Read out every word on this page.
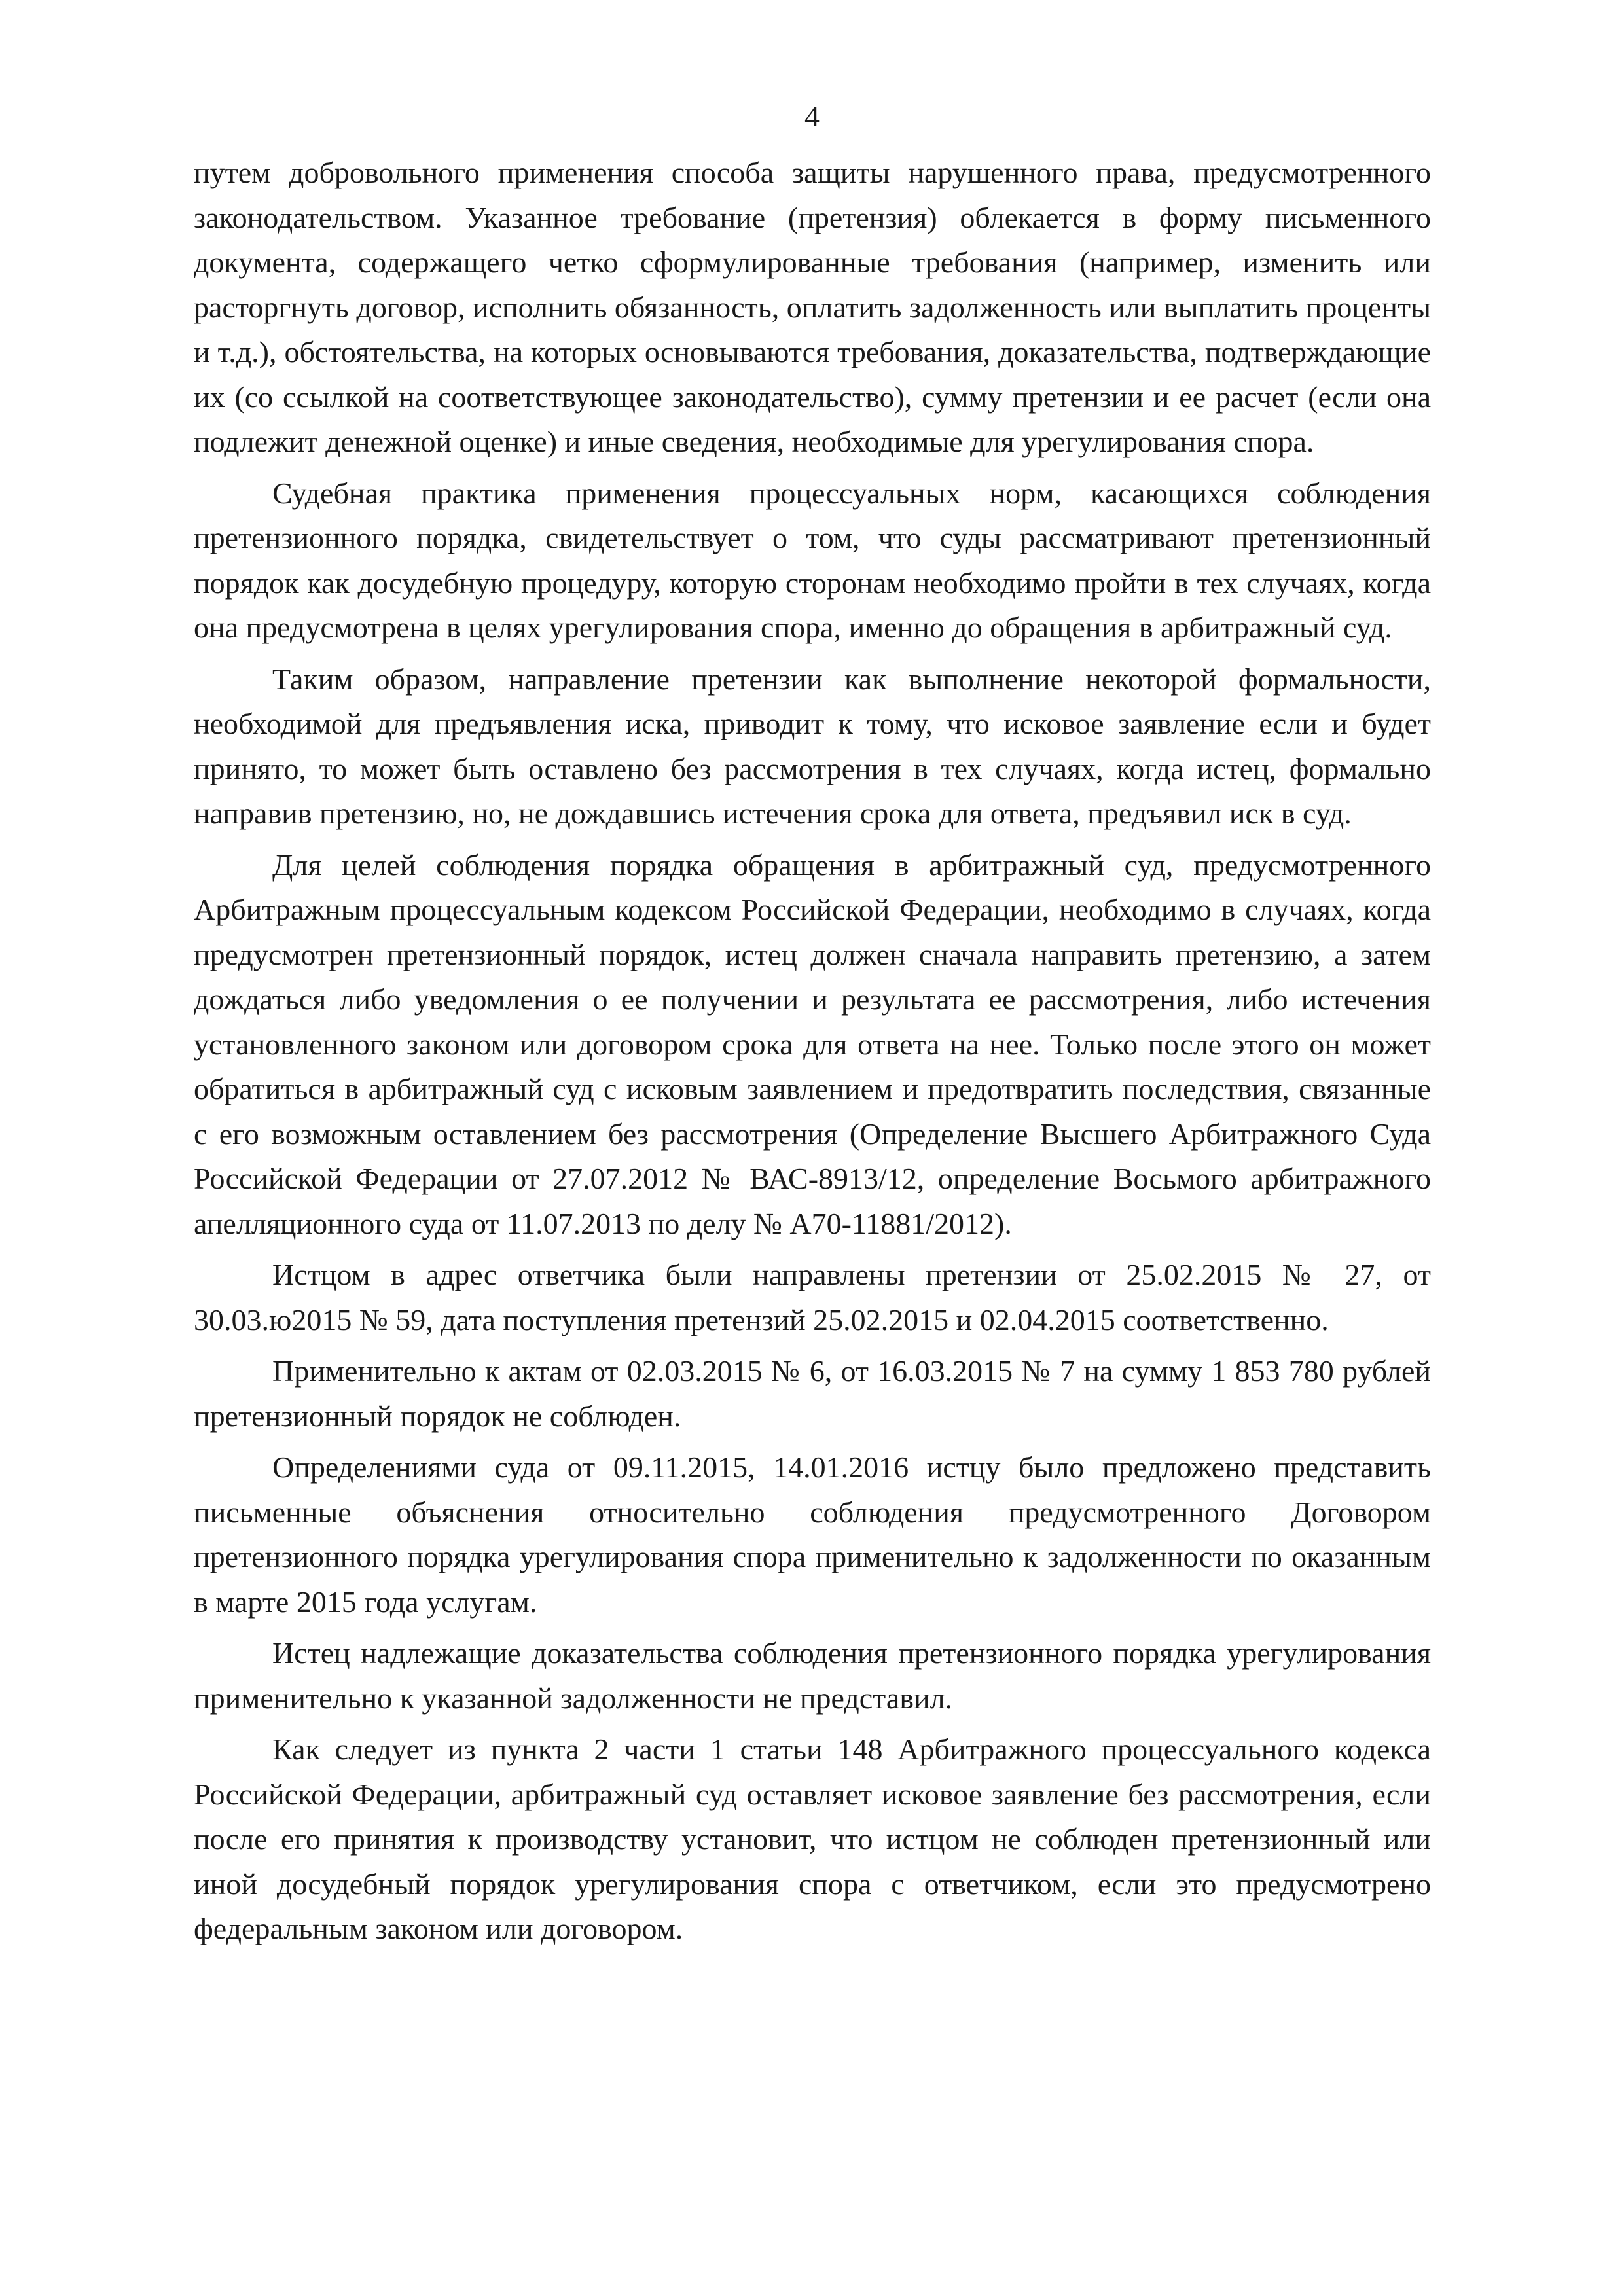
4

путем добровольного применения способа защиты нарушенного права, предусмотренного законодательством. Указанное требование (претензия) облекается в форму письменного документа, содержащего четко сформулированные требования (например, изменить или расторгнуть договор, исполнить обязанность, оплатить задолженность или выплатить проценты и т.д.), обстоятельства, на которых основываются требования, доказательства, подтверждающие их (со ссылкой на соответствующее законодательство), сумму претензии и ее расчет (если она подлежит денежной оценке) и иные сведения, необходимые для урегулирования спора.

Судебная практика применения процессуальных норм, касающихся соблюдения претензионного порядка, свидетельствует о том, что суды рассматривают претензионный порядок как досудебную процедуру, которую сторонам необходимо пройти в тех случаях, когда она предусмотрена в целях урегулирования спора, именно до обращения в арбитражный суд.

Таким образом, направление претензии как выполнение некоторой формальности, необходимой для предъявления иска, приводит к тому, что исковое заявление если и будет принято, то может быть оставлено без рассмотрения в тех случаях, когда истец, формально направив претензию, но, не дождавшись истечения срока для ответа, предъявил иск в суд.

Для целей соблюдения порядка обращения в арбитражный суд, предусмотренного Арбитражным процессуальным кодексом Российской Федерации, необходимо в случаях, когда предусмотрен претензионный порядок, истец должен сначала направить претензию, а затем дождаться либо уведомления о ее получении и результата ее рассмотрения, либо истечения установленного законом или договором срока для ответа на нее. Только после этого он может обратиться в арбитражный суд с исковым заявлением и предотвратить последствия, связанные с его возможным оставлением без рассмотрения (Определение Высшего Арбитражного Суда Российской Федерации от 27.07.2012 № ВАС-8913/12, определение Восьмого арбитражного апелляционного суда от 11.07.2013 по делу № А70-11881/2012).

Истцом в адрес ответчика были направлены претензии от 25.02.2015 № 27, от 30.03.ю2015 № 59, дата поступления претензий 25.02.2015 и 02.04.2015 соответственно.

Применительно к актам от 02.03.2015 № 6, от 16.03.2015 № 7 на сумму 1 853 780 рублей претензионный порядок не соблюден.

Определениями суда от 09.11.2015, 14.01.2016 истцу было предложено представить письменные объяснения относительно соблюдения предусмотренного Договором претензионного порядка урегулирования спора применительно к задолженности по оказанным в марте 2015 года услугам.

Истец надлежащие доказательства соблюдения претензионного порядка урегулирования применительно к указанной задолженности не представил.

Как следует из пункта 2 части 1 статьи 148 Арбитражного процессуального кодекса Российской Федерации, арбитражный суд оставляет исковое заявление без рассмотрения, если после его принятия к производству установит, что истцом не соблюден претензионный или иной досудебный порядок урегулирования спора с ответчиком, если это предусмотрено федеральным законом или договором.
